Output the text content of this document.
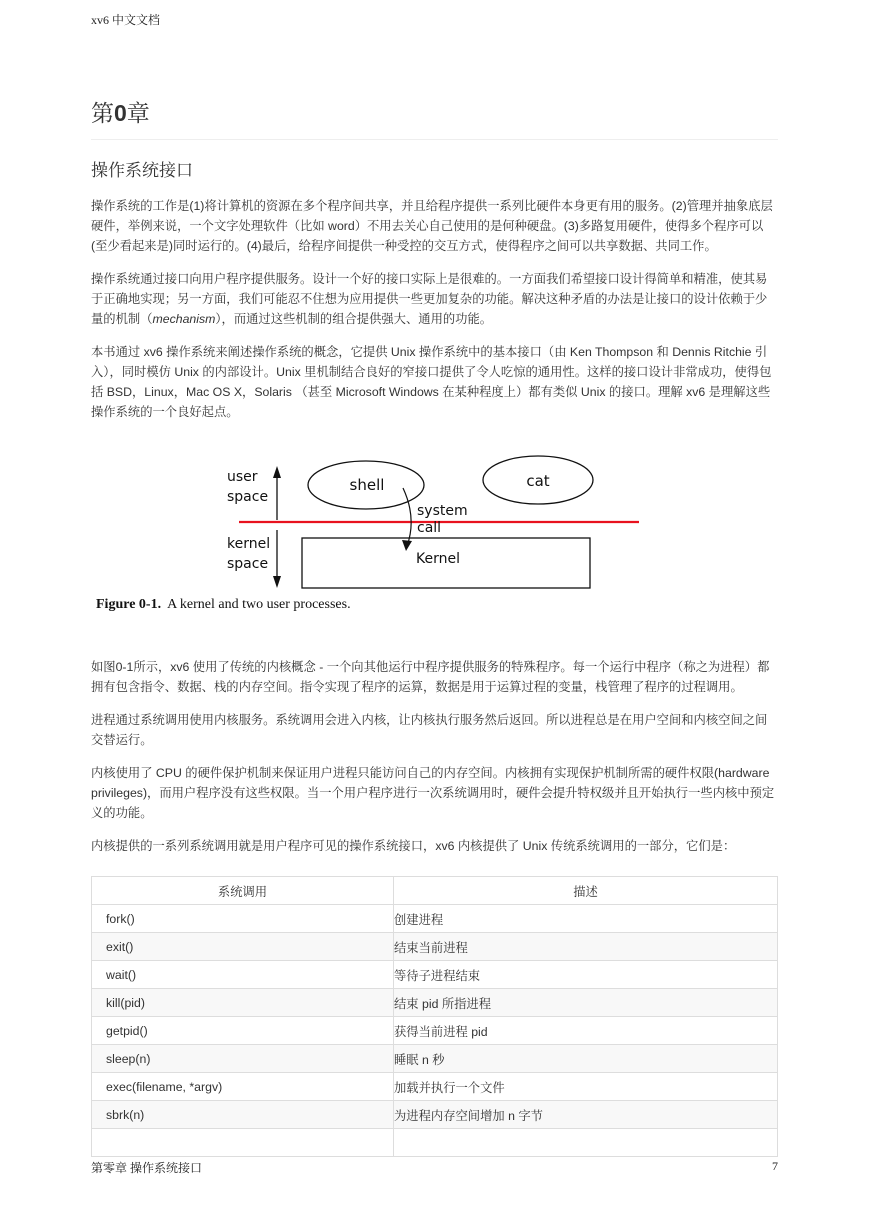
xv6 中文文档
第0章
操作系统接口

操作系统的工作是(1)将计算机的资源在多个程序间共享，并且给程序提供一系列比硬件本身更有用的服务。(2)管理并抽象底层硬件，举例来说，一个文字处理软件（比如 word）不用去关心自己使用的是何种硬盘。(3)多路复用硬件，使得多个程序可以(至少看起来是)同时运行的。(4)最后，给程序间提供一种受控的交互方式，使得程序之间可以共享数据、共同工作。

操作系统通过接口向用户程序提供服务。设计一个好的接口实际上是很难的。一方面我们希望接口设计得简单和精准，使其易于正确地实现；另一方面，我们可能忍不住想为应用提供一些更加复杂的功能。解决这种矛盾的办法是让接口的设计依赖于少量的机制（mechanism），而通过这些机制的组合提供强大、通用的功能。

本书通过 xv6 操作系统来阐述操作系统的概念，它提供 Unix 操作系统中的基本接口（由 Ken Thompson 和 Dennis Ritchie 引入），同时模仿 Unix 的内部设计。Unix 里机制结合良好的窄接口提供了令人吃惊的通用性。这样的接口设计非常成功，使得包括 BSD，Linux，Mac OS X，Solaris （甚至 Microsoft Windows 在某种程度上）都有类似 Unix 的接口。理解 xv6 是理解这些操作系统的一个良好起点。

user
space
kernel
space
shell	cat
Kernel
system
call
Figure 0-1. A kernel and two user processes.

如图0-1所示，xv6 使用了传统的内核概念 - 一个向其他运行中程序提供服务的特殊程序。每一个运行中程序（称之为进程）都拥有包含指令、数据、栈的内存空间。指令实现了程序的运算，数据是用于运算过程的变量，栈管理了程序的过程调用。

进程通过系统调用使用内核服务。系统调用会进入内核，让内核执行服务然后返回。所以进程总是在用户空间和内核空间之间交替运行。

内核使用了 CPU 的硬件保护机制来保证用户进程只能访问自己的内存空间。内核拥有实现保护机制所需的硬件权限(hardware privileges)，而用户程序没有这些权限。当一个用户程序进行一次系统调用时，硬件会提升特权级并且开始执行一些内核中预定义的功能。

内核提供的一系列系统调用就是用户程序可见的操作系统接口，xv6 内核提供了 Unix 传统系统调用的一部分，它们是：

系统调用	描述
fork()	创建进程
exit()	结束当前进程
wait()	等待子进程结束
kill(pid)	结束 pid 所指进程
getpid()	获得当前进程 pid
sleep(n)	睡眠 n 秒
exec(filename, *argv)	加载并执行一个文件
sbrk(n)	为进程内存空间增加 n 字节

第零章 操作系统接口	7
